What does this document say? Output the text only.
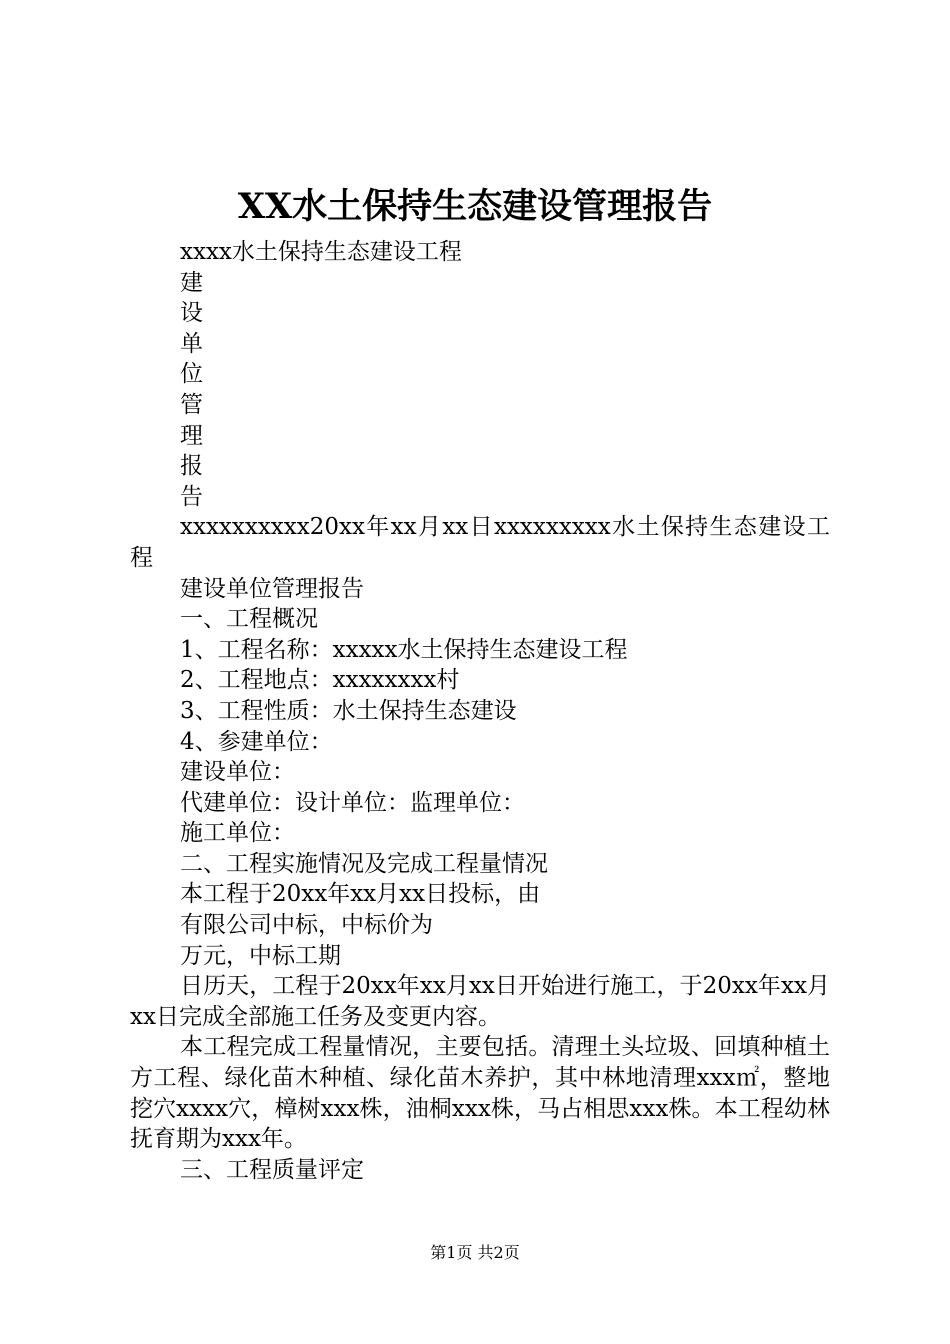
XX水土保持生态建设管理报告

xxxx水土保持生态建设工程

建

设

单

位

管

理

报

告

xxxxxxxxxx20xx年xx月xx日xxxxxxxxx水土保持生态建设工程

建设单位管理报告

一、工程概况

1、工程名称：xxxxx水土保持生态建设工程

2、工程地点：xxxxxxxx村

3、工程性质：水土保持生态建设

4、参建单位：

建设单位：

代建单位：设计单位：监理单位：

施工单位：

二、工程实施情况及完成工程量情况

本工程于20xx年xx月xx日投标，由

有限公司中标，中标价为

万元，中标工期

日历天，工程于20xx年xx月xx日开始进行施工，于20xx年xx月xx日完成全部施工任务及变更内容。

本工程完成工程量情况，主要包括。清理土头垃圾、回填种植土方工程、绿化苗木种植、绿化苗木养护，其中林地清理xxx㎡，整地挖穴xxxx穴，樟树xxx株，油桐xxx株，马占相思xxx株。本工程幼林抚育期为xxx年。

三、工程质量评定

第1页 共2页
